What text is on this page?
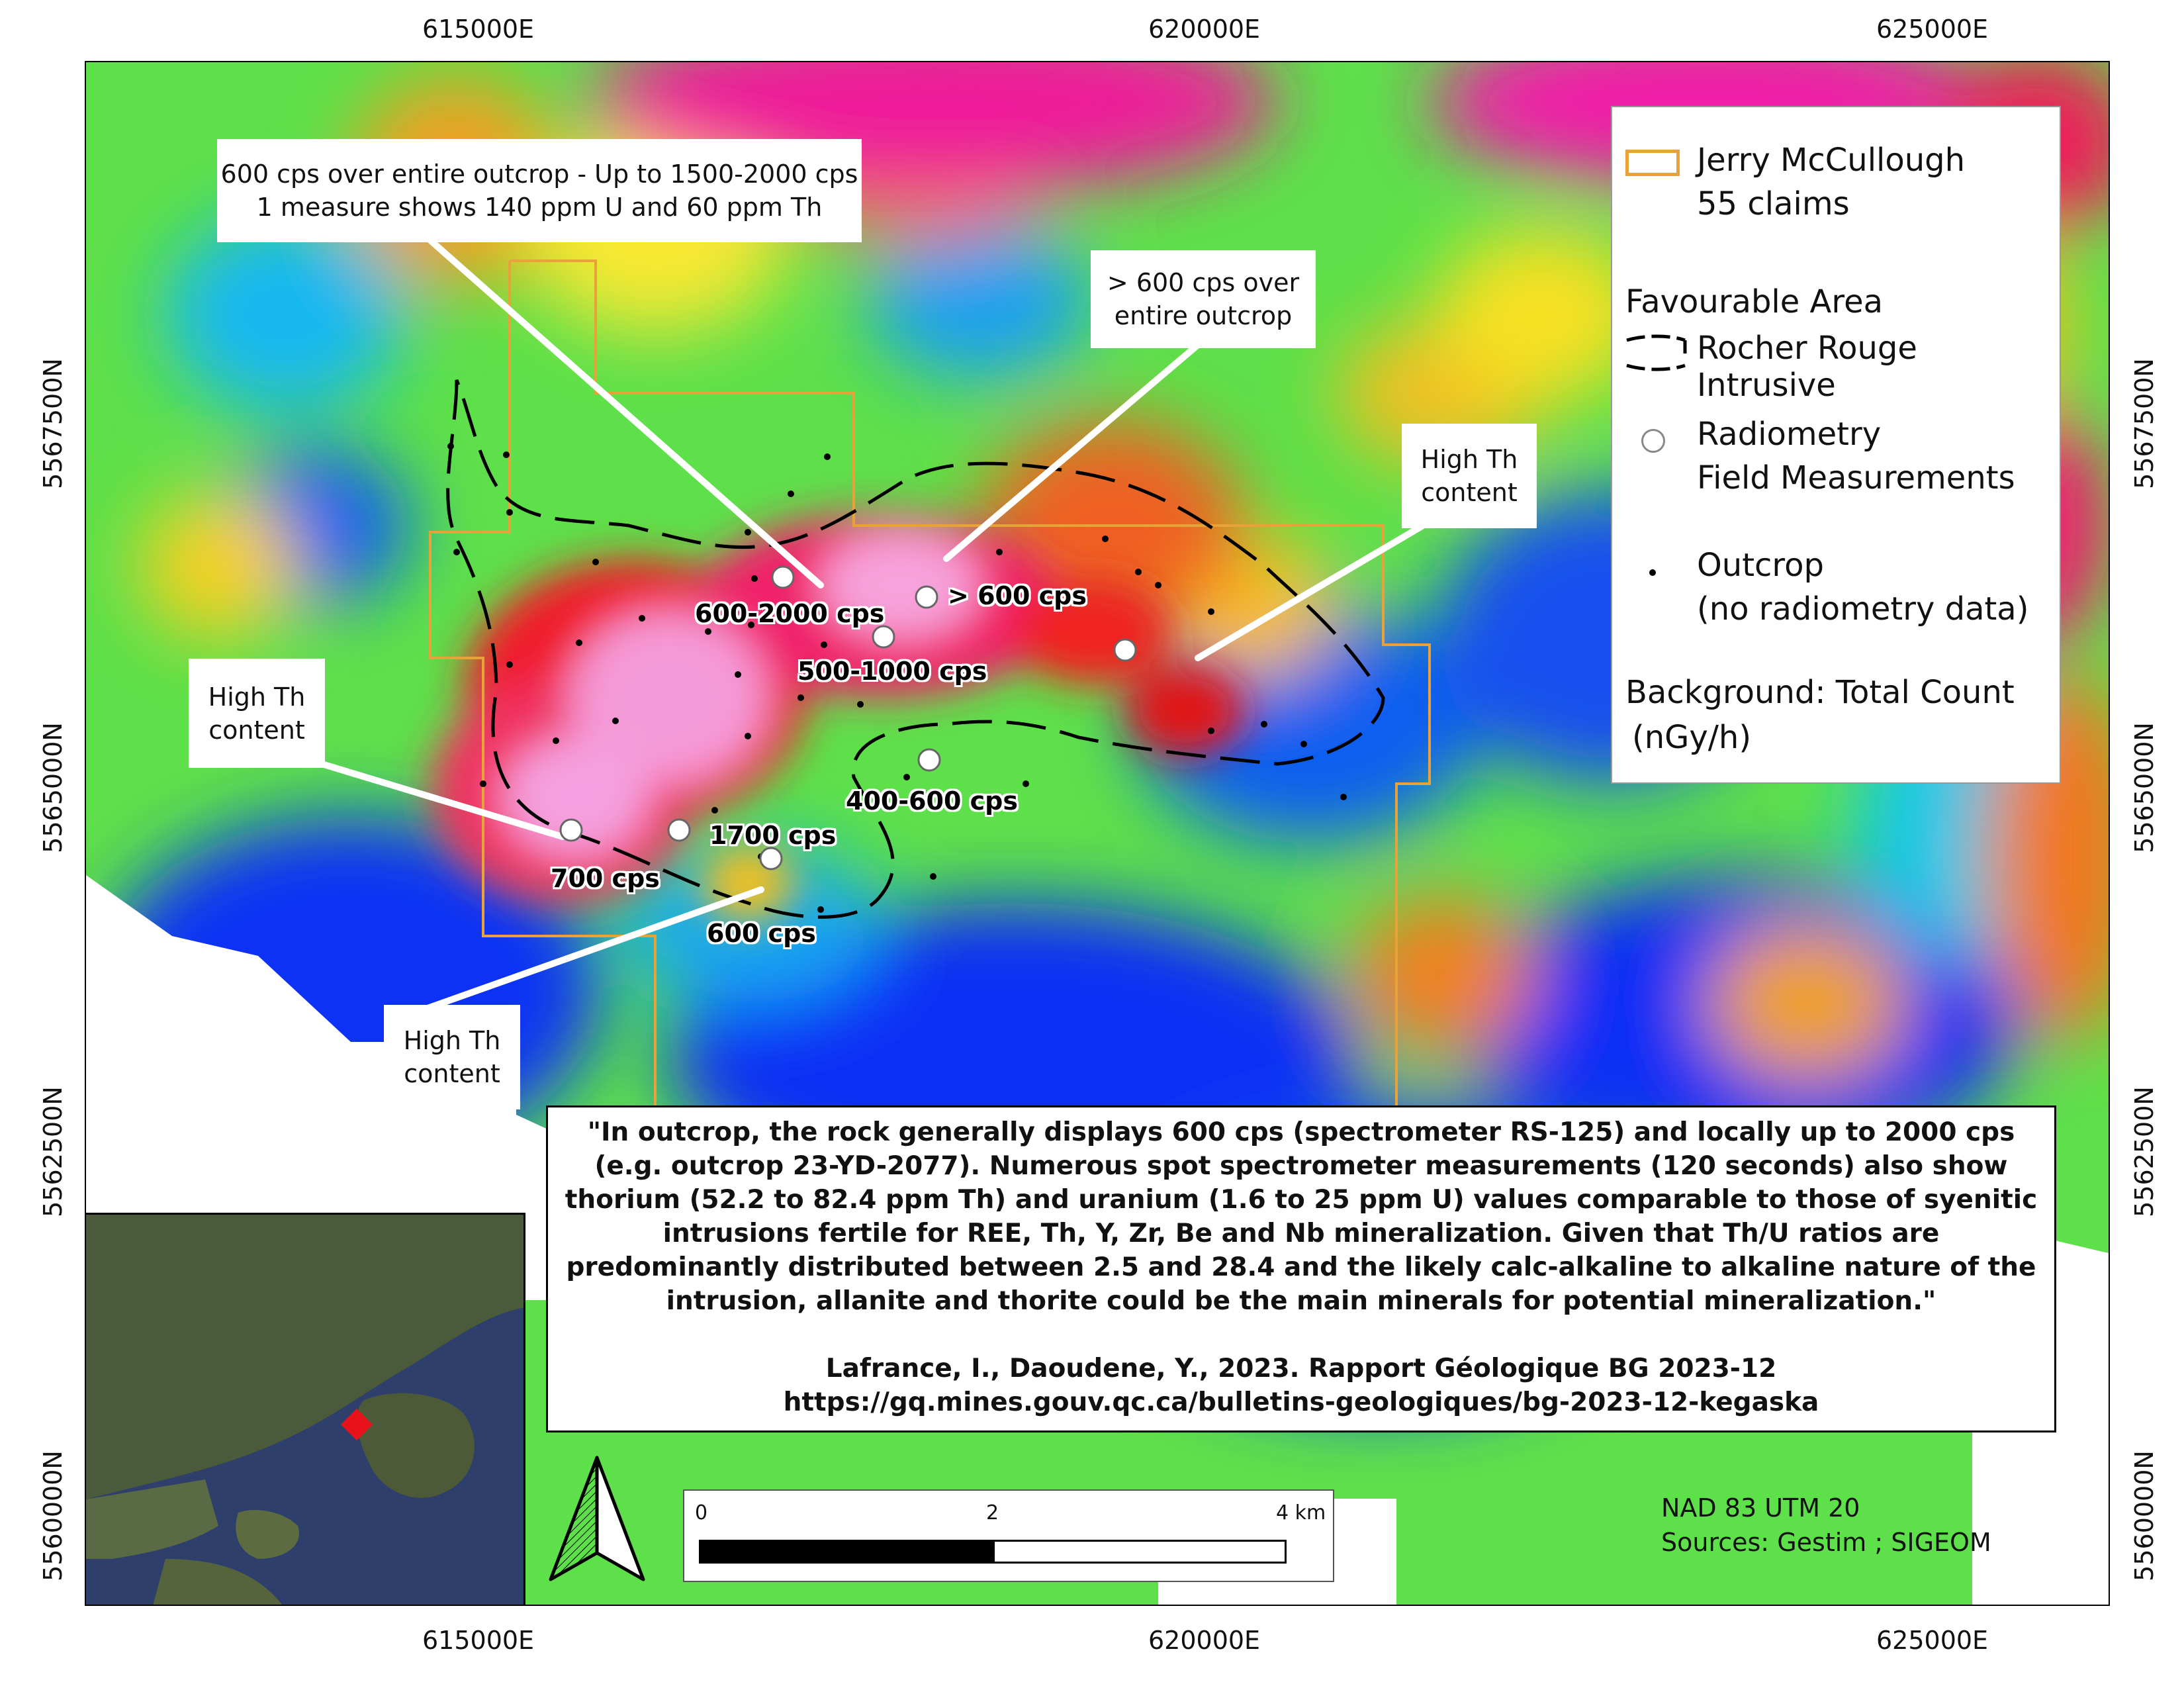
615000E	620000E	625000E
615000E	620000E	625000E
5567500N
5565000N
5562500N
5560000N
5567500N
5565000N
5562500N
5560000N
600 cps over entire outcrop - Up to 1500-2000 cps
1 measure shows 140 ppm U and 60 ppm Th
> 600 cps over
entire outcrop
High Th
content
High Th
content
High Th
content
600-2000 cps
> 600 cps
500-1000 cps
400-600 cps
1700 cps
700 cps
600 cps
Jerry McCullough
55 claims
Favourable Area
Rocher Rouge Intrusive
Radiometry
Field Measurements
Outcrop
(no radiometry data)
Background: Total Count
(nGy/h)

"In outcrop, the rock generally displays 600 cps (spectrometer RS-125) and locally up to 2000 cps (e.g. outcrop 23-YD-2077). Numerous spot spectrometer measurements (120 seconds) also show thorium (52.2 to 82.4 ppm Th) and uranium (1.6 to 25 ppm U) values comparable to those of syenitic intrusions fertile for REE, Th, Y, Zr, Be and Nb mineralization. Given that Th/U ratios are predominantly distributed between 2.5 and 28.4 and the likely calc-alkaline to alkaline nature of the intrusion, allanite and thorite could be the main minerals for potential mineralization."

Lafrance, I., Daoudene, Y., 2023. Rapport Géologique BG 2023-12

https://gq.mines.gouv.qc.ca/bulletins-geologiques/bg-2023-12-kegaska

0	2	4 km	NAD 83 UTM 20
Sources: Gestim ; SIGEOM
